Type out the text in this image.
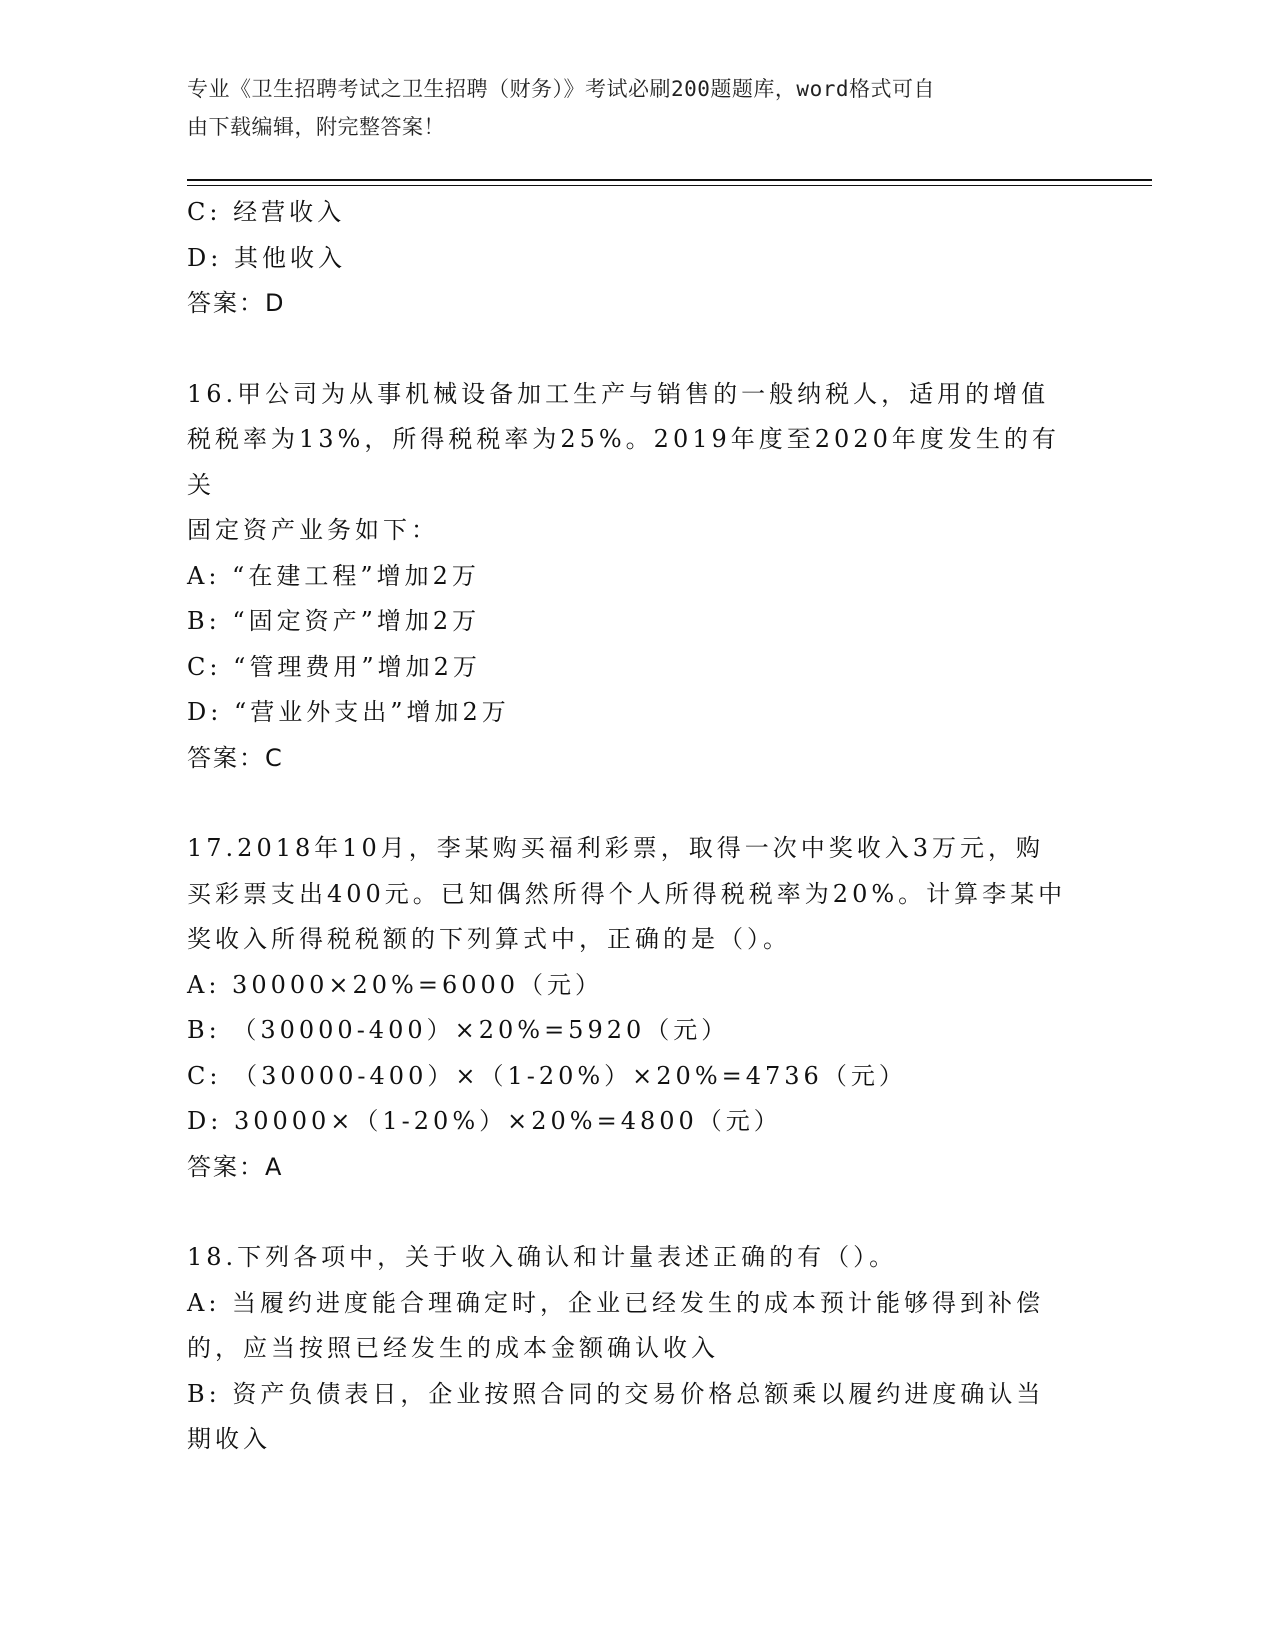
专业《卫生招聘考试之卫生招聘（财务）》考试必刷200题题库，word格式可自
由下载编辑，附完整答案！
C: 经营收入
D: 其他收入
答案：D
16.甲公司为从事机械设备加工生产与销售的一般纳税人，适用的增值
税税率为13%，所得税税率为25%。2019年度至2020年度发生的有关
固定资产业务如下：
A: “在建工程”增加2万
B: “固定资产”增加2万
C: “管理费用”增加2万
D: “营业外支出”增加2万
答案：C
17.2018年10月，李某购买福利彩票，取得一次中奖收入3万元，购
买彩票支出400元。已知偶然所得个人所得税税率为20%。计算李某中
奖收入所得税税额的下列算式中，正确的是（）。
A: 30000×20%=6000（元）
B: （30000-400）×20%=5920（元）
C: （30000-400）×（1-20%）×20%=4736（元）
D: 30000×（1-20%）×20%=4800（元）
答案：A
18.下列各项中，关于收入确认和计量表述正确的有（）。
A: 当履约进度能合理确定时，企业已经发生的成本预计能够得到补偿
的，应当按照已经发生的成本金额确认收入
B: 资产负债表日，企业按照合同的交易价格总额乘以履约进度确认当
期收入
